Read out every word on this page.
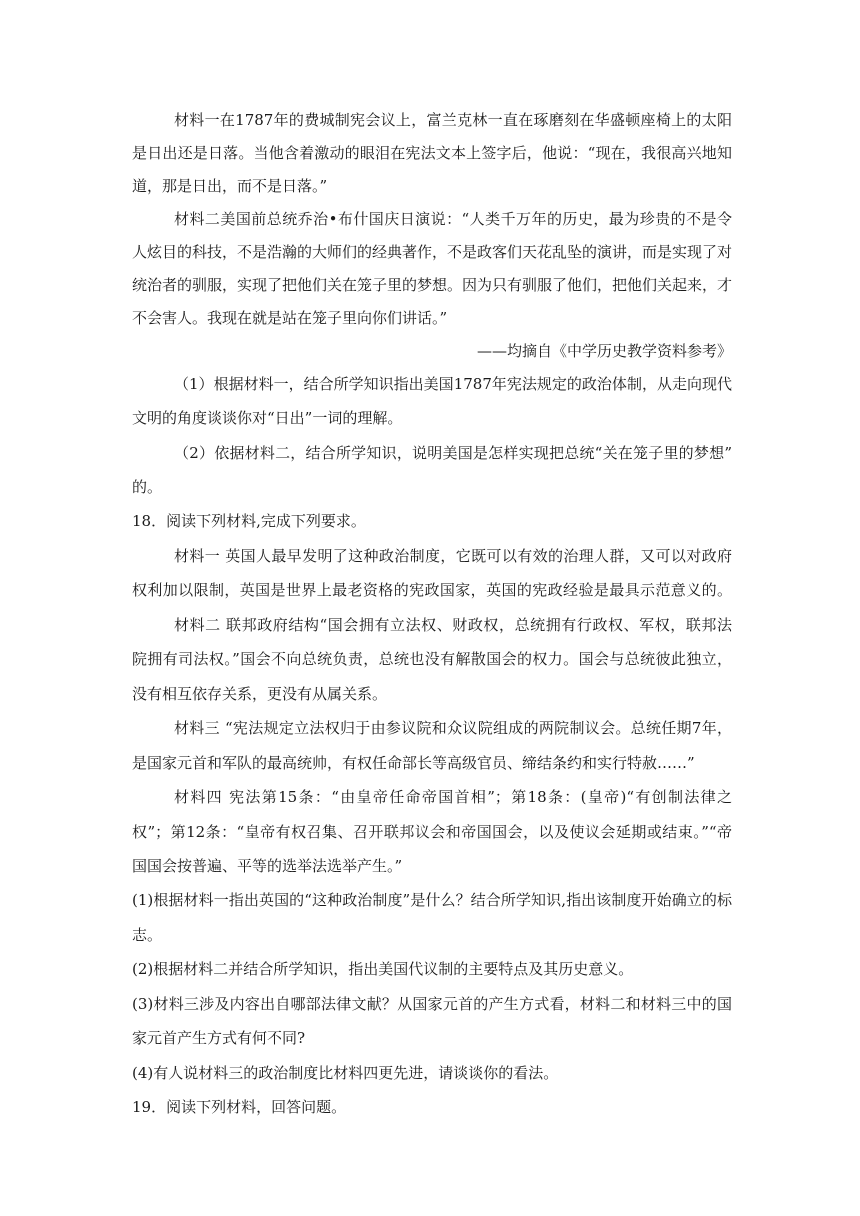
材料一在1787年的费城制宪会议上，富兰克林一直在琢磨刻在华盛顿座椅上的太阳
是日出还是日落。当他含着激动的眼泪在宪法文本上签字后，他说：“现在，我很高兴地知
道，那是日出，而不是日落。”
材料二美国前总统乔治•布什国庆日演说：“人类千万年的历史，最为珍贵的不是令
人炫目的科技，不是浩瀚的大师们的经典著作，不是政客们天花乱坠的演讲，而是实现了对
统治者的驯服，实现了把他们关在笼子里的梦想。因为只有驯服了他们，把他们关起来，才
不会害人。我现在就是站在笼子里向你们讲话。”
——均摘自《中学历史教学资料参考》
（1）根据材料一，结合所学知识指出美国1787年宪法规定的政治体制，从走向现代
文明的角度谈谈你对“日出”一词的理解。
（2）依据材料二，结合所学知识，说明美国是怎样实现把总统“关在笼子里的梦想”
的。
18．阅读下列材料,完成下列要求。
材料一 英国人最早发明了这种政治制度，它既可以有效的治理人群，又可以对政府
权利加以限制，英国是世界上最老资格的宪政国家，英国的宪政经验是最具示范意义的。
材料二 联邦政府结构“国会拥有立法权、财政权，总统拥有行政权、军权，联邦法
院拥有司法权。”国会不向总统负责，总统也没有解散国会的权力。国会与总统彼此独立，
没有相互依存关系，更没有从属关系。
材料三 “宪法规定立法权归于由参议院和众议院组成的两院制议会。总统任期7年，
是国家元首和军队的最高统帅，有权任命部长等高级官员、缔结条约和实行特赦……”
材料四 宪法第15条：“由皇帝任命帝国首相”；第18条：(皇帝)“有创制法律之
权”；第12条：“皇帝有权召集、召开联邦议会和帝国国会，以及使议会延期或结束。”“帝
国国会按普遍、平等的选举法选举产生。”
(1)根据材料一指出英国的“这种政治制度”是什么？结合所学知识,指出该制度开始确立的标
志。
(2)根据材料二并结合所学知识，指出美国代议制的主要特点及其历史意义。
(3)材料三涉及内容出自哪部法律文献？从国家元首的产生方式看，材料二和材料三中的国
家元首产生方式有何不同?
(4)有人说材料三的政治制度比材料四更先进，请谈谈你的看法。
19．阅读下列材料，回答问题。
